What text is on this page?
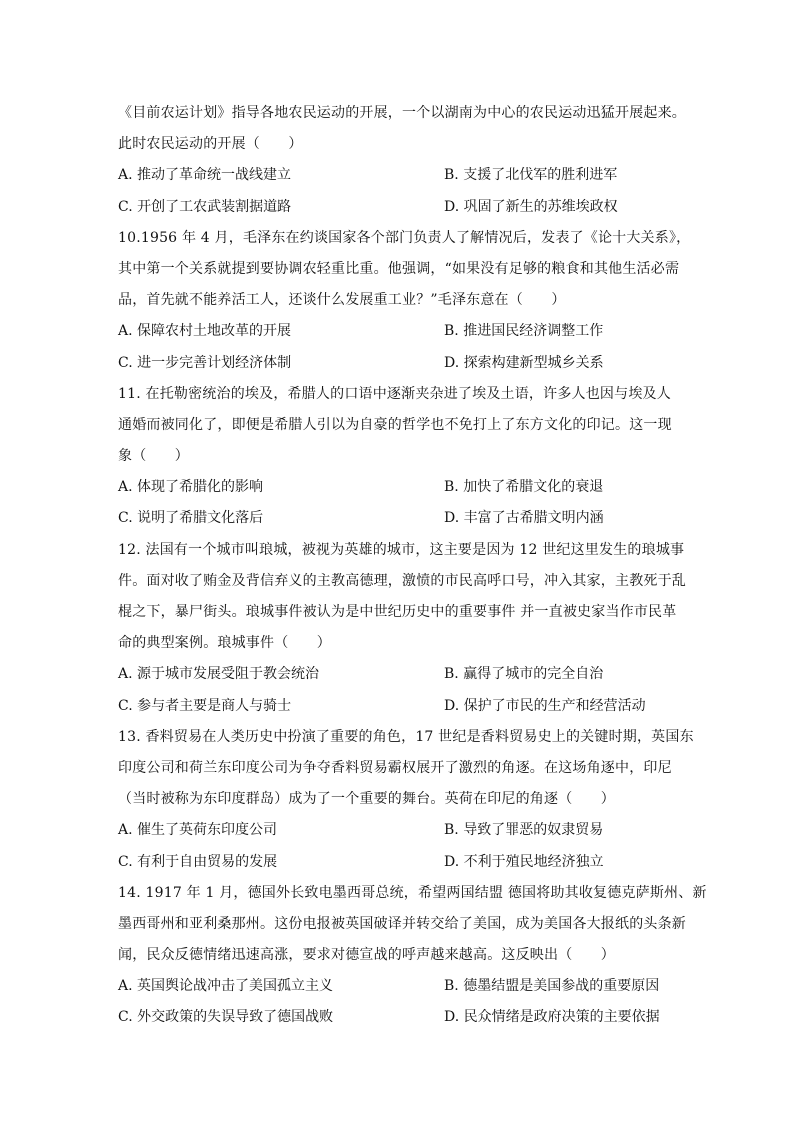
《目前农运计划》指导各地农民运动的开展，一个以湖南为中心的农民运动迅猛开展起来。
此时农民运动的开展（　　）
A. 推动了革命统一战线建立	B. 支援了北伐军的胜利进军
C. 开创了工农武装割据道路	D. 巩固了新生的苏维埃政权
10.1956 年 4 月，毛泽东在约谈国家各个部门负责人了解情况后，发表了《论十大关系》，
其中第一个关系就提到要协调农轻重比重。他强调，“如果没有足够的粮食和其他生活必需
品，首先就不能养活工人，还谈什么发展重工业？”毛泽东意在（　　）
A. 保障农村土地改革的开展	B. 推进国民经济调整工作
C. 进一步完善计划经济体制	D. 探索构建新型城乡关系
11. 在托勒密统治的埃及，希腊人的口语中逐渐夹杂进了埃及土语，许多人也因与埃及人
通婚而被同化了，即便是希腊人引以为自豪的哲学也不免打上了东方文化的印记。这一现
象（　　）
A. 体现了希腊化的影响	B. 加快了希腊文化的衰退
C. 说明了希腊文化落后	D. 丰富了古希腊文明内涵
12. 法国有一个城市叫琅城，被视为英雄的城市，这主要是因为 12 世纪这里发生的琅城事
件。面对收了贿金及背信弃义的主教高德理，激愤的市民高呼口号，冲入其家，主教死于乱
棍之下，暴尸街头。琅城事件被认为是中世纪历史中的重要事件 并一直被史家当作市民革
命的典型案例。琅城事件（　　）
A. 源于城市发展受阻于教会统治	B. 赢得了城市的完全自治
C. 参与者主要是商人与骑士	D. 保护了市民的生产和经营活动
13. 香料贸易在人类历史中扮演了重要的角色，17 世纪是香料贸易史上的关键时期，英国东
印度公司和荷兰东印度公司为争夺香料贸易霸权展开了激烈的角逐。在这场角逐中，印尼
（当时被称为东印度群岛）成为了一个重要的舞台。英荷在印尼的角逐（　　）
A. 催生了英荷东印度公司	B. 导致了罪恶的奴隶贸易
C. 有利于自由贸易的发展	D. 不利于殖民地经济独立
14. 1917 年 1 月，德国外长致电墨西哥总统，希望两国结盟 德国将助其收复德克萨斯州、新
墨西哥州和亚利桑那州。这份电报被英国破译并转交给了美国，成为美国各大报纸的头条新
闻，民众反德情绪迅速高涨，要求对德宣战的呼声越来越高。这反映出（　　）
A. 英国舆论战冲击了美国孤立主义	B. 德墨结盟是美国参战的重要原因
C. 外交政策的失误导致了德国战败	D. 民众情绪是政府决策的主要依据
